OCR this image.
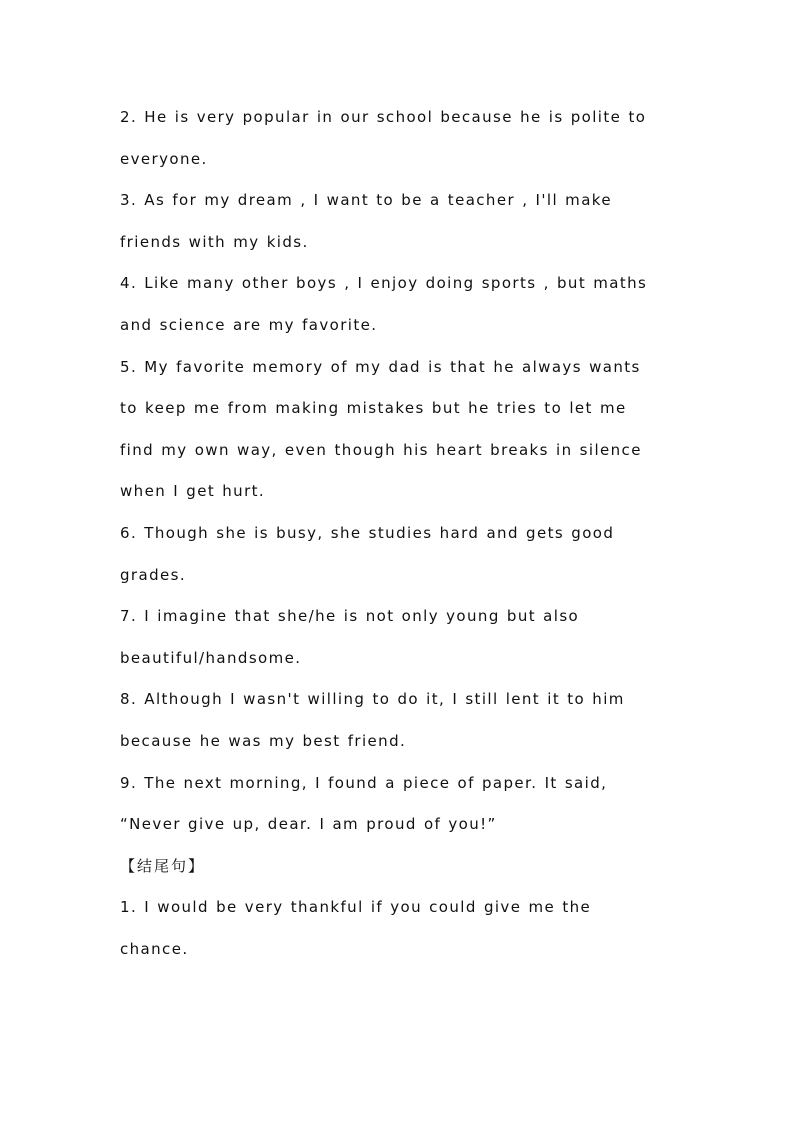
2. He is very popular in our school because he is polite to
everyone.
3. As for my dream , I want to be a teacher , I'll make
friends with my kids.
4. Like many other boys , I enjoy doing sports , but maths
and science are my favorite.
5. My favorite memory of my dad is that he always wants
to keep me from making mistakes but he tries to let me
find my own way, even though his heart breaks in silence
when I get hurt.
6. Though she is busy, she studies hard and gets good
grades.
7. I imagine that she/he is not only young but also
beautiful/handsome.
8. Although I wasn't willing to do it, I still lent it to him
because he was my best friend.
9. The next morning, I found a piece of paper. It said,
“Never give up, dear. I am proud of you!”
【结尾句】
1. I would be very thankful if you could give me the
chance.
